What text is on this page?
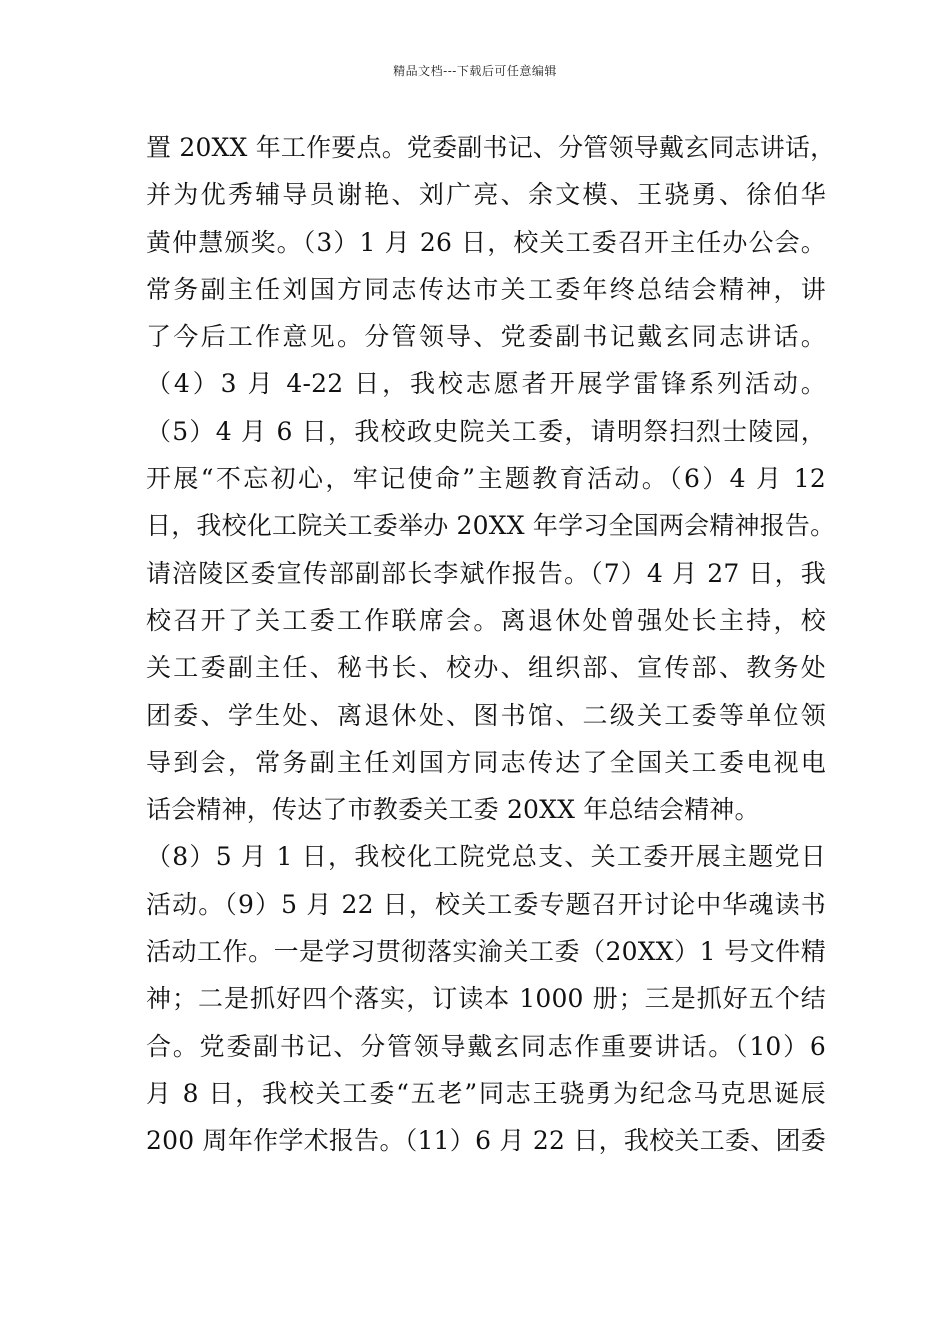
精品文档---下载后可任意编辑
置 20XX 年工作要点。党委副书记、分管领导戴玄同志讲话，
并为优秀辅导员谢艳、刘广亮、余文模、王骁勇、徐伯华
黄仲慧颁奖。（3）1 月 26 日，校关工委召开主任办公会。
常务副主任刘国方同志传达市关工委年终总结会精神，讲
了今后工作意见。分管领导、党委副书记戴玄同志讲话。
（4）3 月 4-22 日，我校志愿者开展学雷锋系列活动。
（5）4 月 6 日，我校政史院关工委，请明祭扫烈士陵园，
开展“不忘初心，牢记使命”主题教育活动。（6）4 月 12
日，我校化工院关工委举办 20XX 年学习全国两会精神报告。
请涪陵区委宣传部副部长李斌作报告。（7）4 月 27 日，我
校召开了关工委工作联席会。离退休处曾强处长主持，校
关工委副主任、秘书长、校办、组织部、宣传部、教务处
团委、学生处、离退休处、图书馆、二级关工委等单位领
导到会，常务副主任刘国方同志传达了全国关工委电视电
话会精神，传达了市教委关工委 20XX 年总结会精神。
（8）5 月 1 日，我校化工院党总支、关工委开展主题党日
活动。（9）5 月 22 日，校关工委专题召开讨论中华魂读书
活动工作。一是学习贯彻落实渝关工委（20XX）1 号文件精
神；二是抓好四个落实，订读本 1000 册；三是抓好五个结
合。党委副书记、分管领导戴玄同志作重要讲话。（10）6
月 8 日，我校关工委“五老”同志王骁勇为纪念马克思诞辰
200 周年作学术报告。（11）6 月 22 日，我校关工委、团委
